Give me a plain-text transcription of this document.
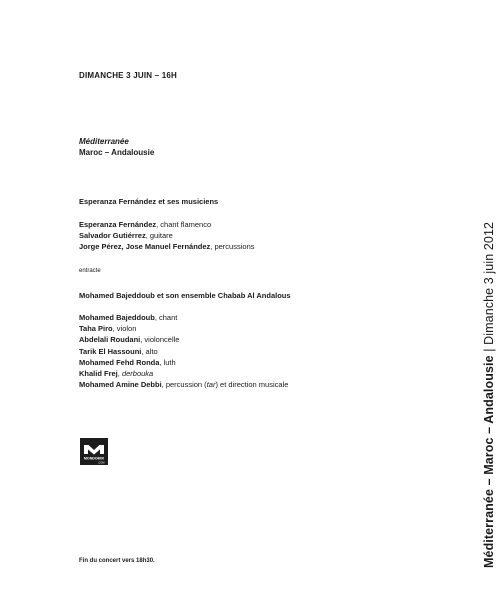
DIMANCHE 3 JUIN – 16H
Méditerranée
Maroc – Andalousie
Esperanza Fernández et ses musiciens
Esperanza Fernández, chant flamenco
Salvador Gutiérrez, guitare
Jorge Pérez, Jose Manuel Fernández, percussions
entracte
Mohamed Bajeddoub et son ensemble Chabab Al Andalous
Mohamed Bajeddoub, chant
Taha Piro, violon
Abdelali Roudani, violoncelle
Tarik El Hassouni, alto
Mohamed Fehd Ronda, luth
Khalid Frej, derbouka
Mohamed Amine Debbi, percussion (tar) et direction musicale
MONDOMIX
.COM
Fin du concert vers 18h30.	Méditerranée – Maroc – Andalousie | Dimanche 3 juin 2012
